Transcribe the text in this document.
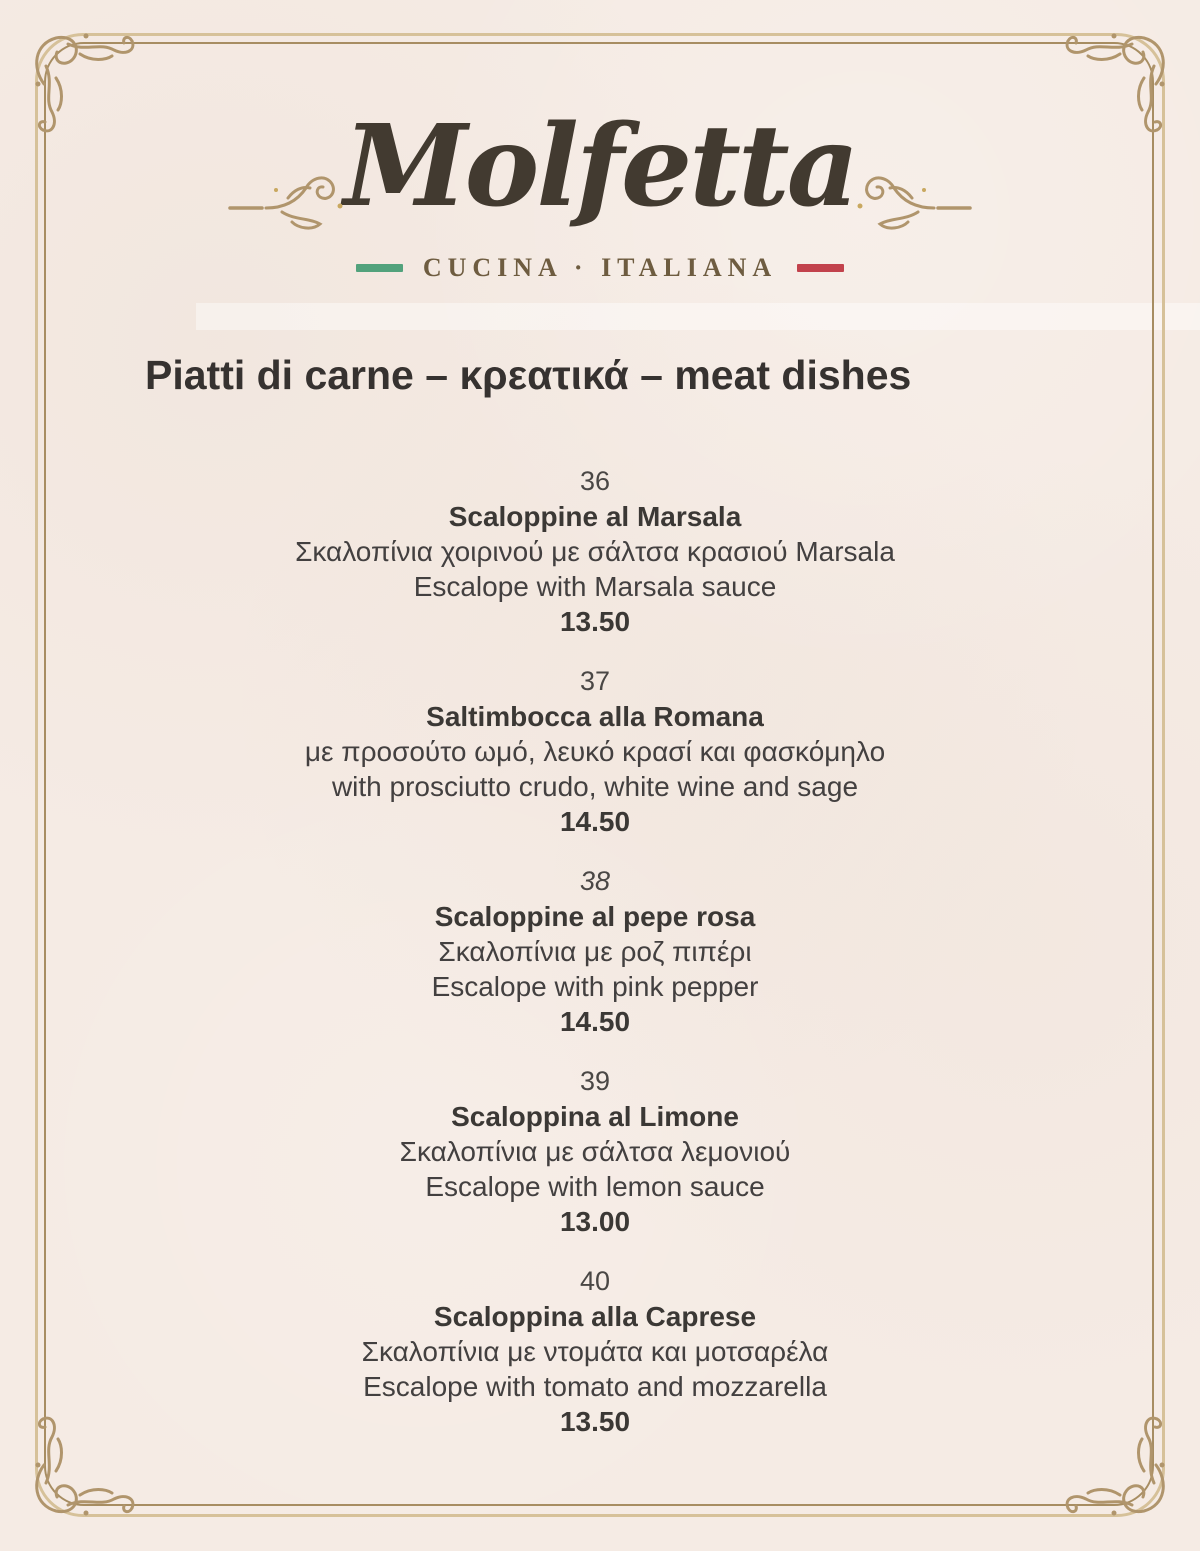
Molfetta
CUCINA · ITALIANA
Piatti di carne – κρεατικά – meat dishes
36
Scaloppine al Marsala
Σκαλοπίνια χοιρινού με σάλτσα κρασιού Marsala
Escalope with Marsala sauce
13.50
37
Saltimbocca alla Romana
με προσούτο ωμό, λευκό κρασί και φασκόμηλο
with prosciutto crudo, white wine and sage
14.50
38
Scaloppine al pepe rosa
Σκαλοπίνια με ροζ πιπέρι
Escalope with pink pepper
14.50
39
Scaloppina al Limone
Σκαλοπίνια με σάλτσα λεμονιού
Escalope with lemon sauce
13.00
40
Scaloppina alla Caprese
Σκαλοπίνια με ντομάτα και μοτσαρέλα
Escalope with tomato and mozzarella
13.50
